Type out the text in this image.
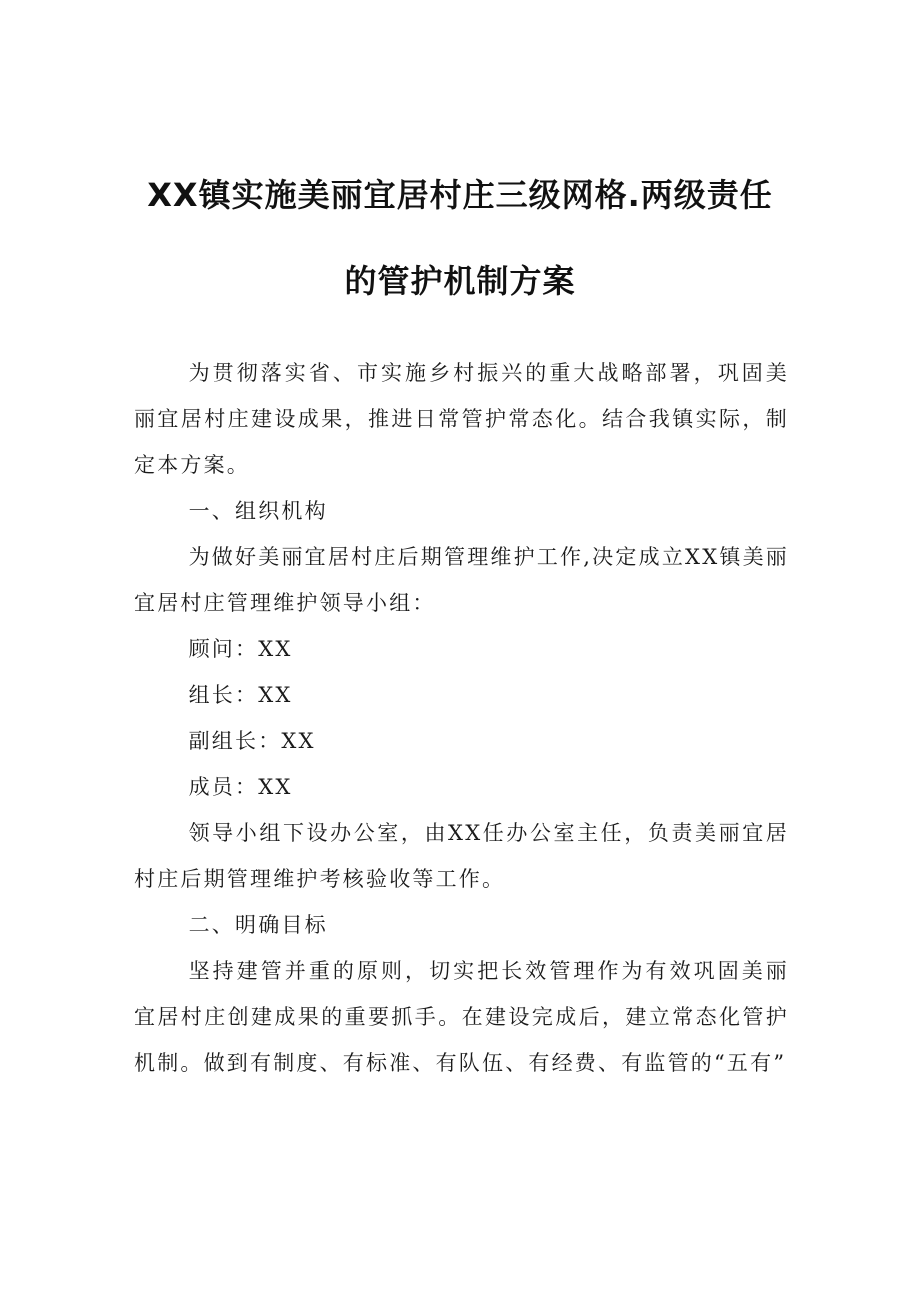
XX镇实施美丽宜居村庄三级网格.两级责任
的管护机制方案

为贯彻落实省、市实施乡村振兴的重大战略部署，巩固美丽宜居村庄建设成果，推进日常管护常态化。结合我镇实际，制定本方案。

一、组织机构

为做好美丽宜居村庄后期管理维护工作,决定成立XX镇美丽宜居村庄管理维护领导小组：

顾问：XX

组长：XX

副组长：XX

成员：XX

领导小组下设办公室，由XX任办公室主任，负责美丽宜居村庄后期管理维护考核验收等工作。

二、明确目标

坚持建管并重的原则，切实把长效管理作为有效巩固美丽宜居村庄创建成果的重要抓手。在建设完成后，建立常态化管护机制。做到有制度、有标准、有队伍、有经费、有监管的“五有”
